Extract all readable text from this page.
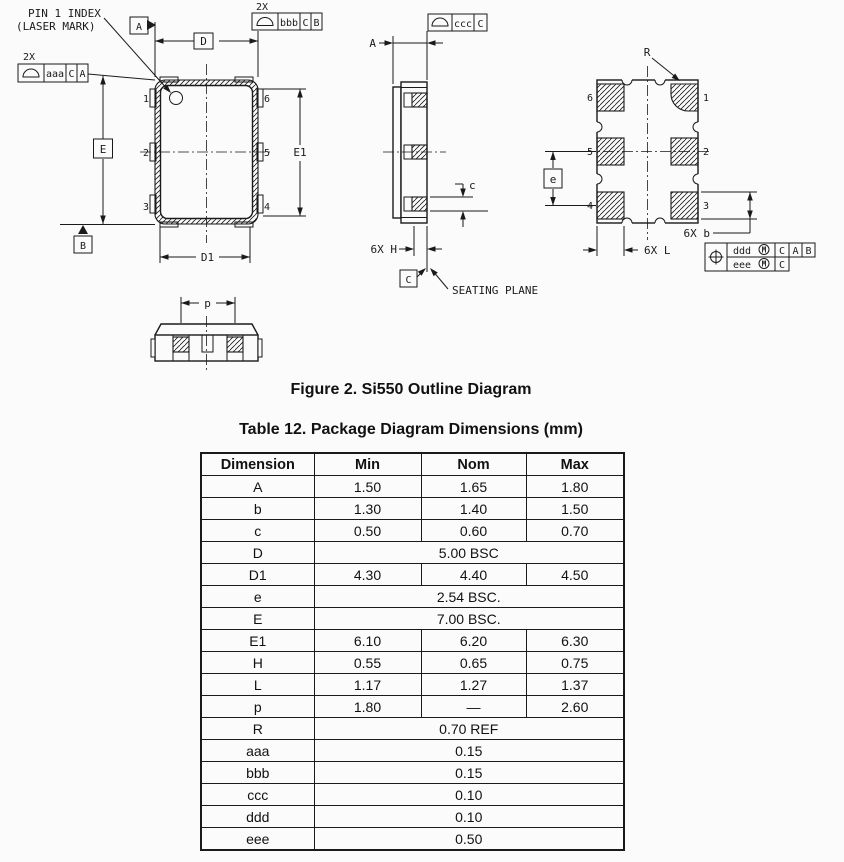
1
2
3
6
5
4
PIN 1 INDEX
(LASER MARK)	A
D
2X
aaa C A
E
B
2X
bbb C B
E1
D1
A
ccc C
c
6X H
C
SEATING PLANE
6
5
4
1
2
3
R
e
6X L
6X b
ddd M C A B
eee M C
p
Figure 2. Si550 Outline Diagram
Table 12. Package Diagram Dimensions (mm)
Dimension	Min	Nom	Max
A	1.50	1.65	1.80
b	1.30	1.40	1.50
c	0.50	0.60	0.70
D	5.00 BSC		
D1	4.30	4.40	4.50
e	2.54 BSC.		
E	7.00 BSC.		
E1	6.10	6.20	6.30
H	0.55	0.65	0.75
L	1.17	1.27	1.37
p	1.80	—	2.60
R	0.70 REF		
aaa	0.15		
bbb	0.15		
ccc	0.10		
ddd	0.10		
eee	0.50		
